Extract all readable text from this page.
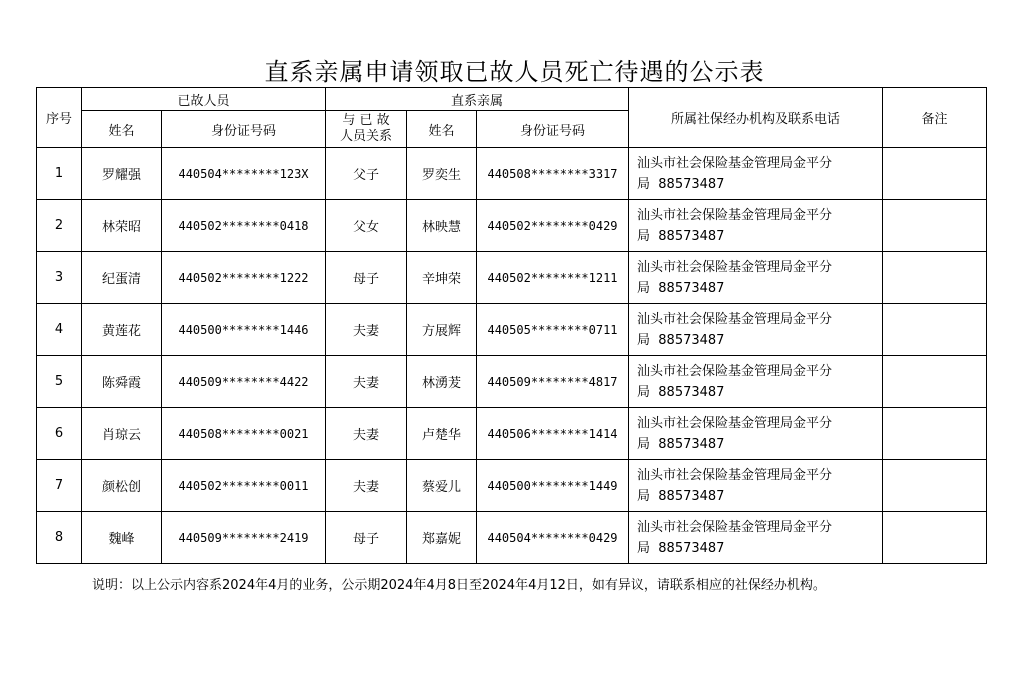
直系亲属申请领取已故人员死亡待遇的公示表
序号	已故人员		直系亲属			所属社保经办机构及联系电话	备注
	姓名	身份证号码	与 已 故
人员关系	姓名	身份证号码		
1	罗耀强	440504********123X	父子	罗奕生	440508********3317	汕头市社会保险基金管理局金平分
局  88573487	

2	林荣昭	440502********0418	父女	林映慧	440502********0429	汕头市社会保险基金管理局金平分
局  88573487	

3	纪蛋清	440502********1222	母子	辛坤荣	440502********1211	汕头市社会保险基金管理局金平分
局  88573487	

4	黄莲花	440500********1446	夫妻	方展辉	440505********0711	汕头市社会保险基金管理局金平分
局  88573487	

5	陈舜霞	440509********4422	夫妻	林湧茇	440509********4817	汕头市社会保险基金管理局金平分
局  88573487	

6	肖琼云	440508********0021	夫妻	卢楚华	440506********1414	汕头市社会保险基金管理局金平分
局  88573487	

7	颜松创	440502********0011	夫妻	蔡爱儿	440500********1449	汕头市社会保险基金管理局金平分
局  88573487	

8	魏峰	440509********2419	母子	郑嘉妮	440504********0429	汕头市社会保险基金管理局金平分
局  88573487	

说明：以上公示内容系2024年4月的业务，公示期2024年4月8日至2024年4月12日，如有异议，请联系相应的社保经办机构。
